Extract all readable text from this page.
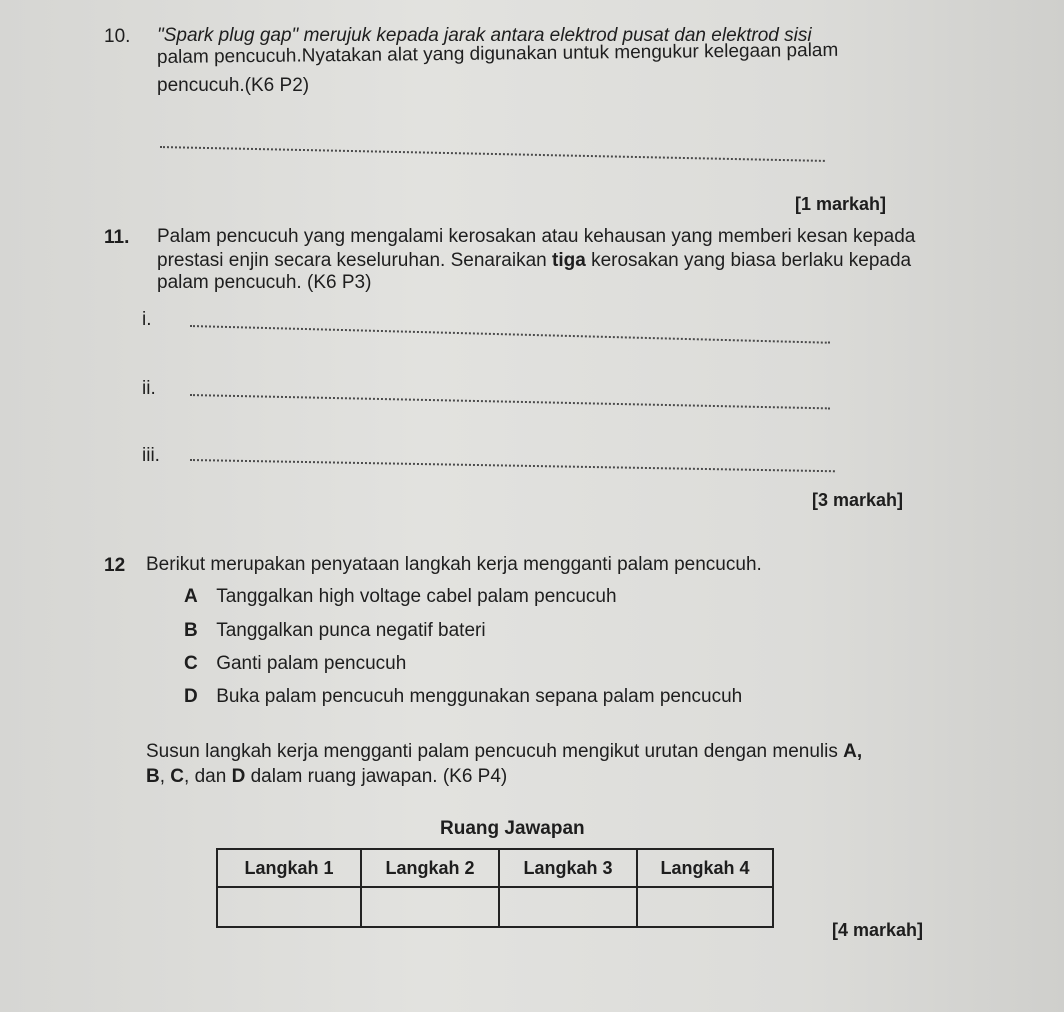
10. "Spark plug gap" merujuk kepada jarak antara elektrod pusat dan elektrod sisi
palam pencucuh.Nyatakan alat yang digunakan untuk mengukur kelegaan palam
pencucuh.(K6 P2)
[1 markah]
11. Palam pencucuh yang mengalami kerosakan atau kehausan yang memberi kesan kepada
prestasi enjin secara keseluruhan. Senaraikan tiga kerosakan yang biasa berlaku kepada
palam pencucuh. (K6 P3)
i.
ii.
iii.
[3 markah]
12 Berikut merupakan penyataan langkah kerja mengganti palam pencucuh.
A Tanggalkan high voltage cabel palam pencucuh
B Tanggalkan punca negatif bateri
C Ganti palam pencucuh
D Buka palam pencucuh menggunakan sepana palam pencucuh
Susun langkah kerja mengganti palam pencucuh mengikut urutan dengan menulis A,
B, C, dan D dalam ruang jawapan. (K6 P4)
Ruang Jawapan
Langkah 1	Langkah 2	Langkah 3	Langkah 4

[4 markah]
